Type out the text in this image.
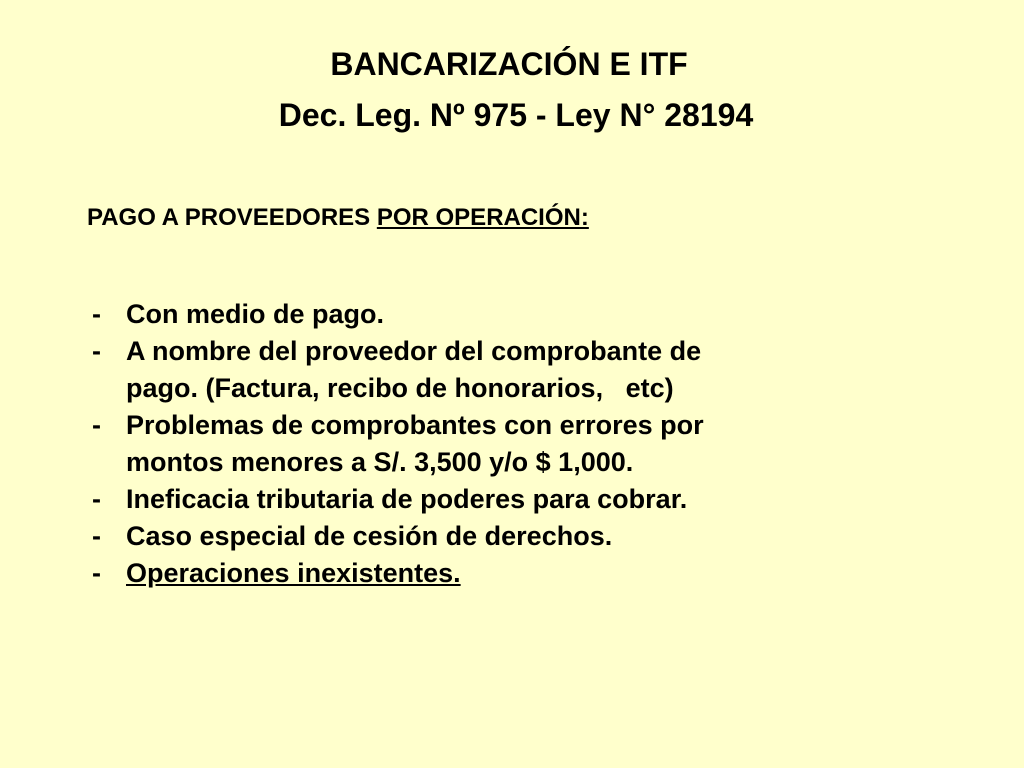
BANCARIZACIÓN E ITF
Dec. Leg. Nº 975 - Ley N° 28194
PAGO A PROVEEDORES POR OPERACIÓN:
- Con medio de pago.
- A nombre del proveedor del comprobante de
pago. (Factura, recibo de honorarios,   etc)
- Problemas de comprobantes con errores por
montos menores a S/. 3,500 y/o $ 1,000.
- Ineficacia tributaria de poderes para cobrar.
- Caso especial de cesión de derechos.
- Operaciones inexistentes.
